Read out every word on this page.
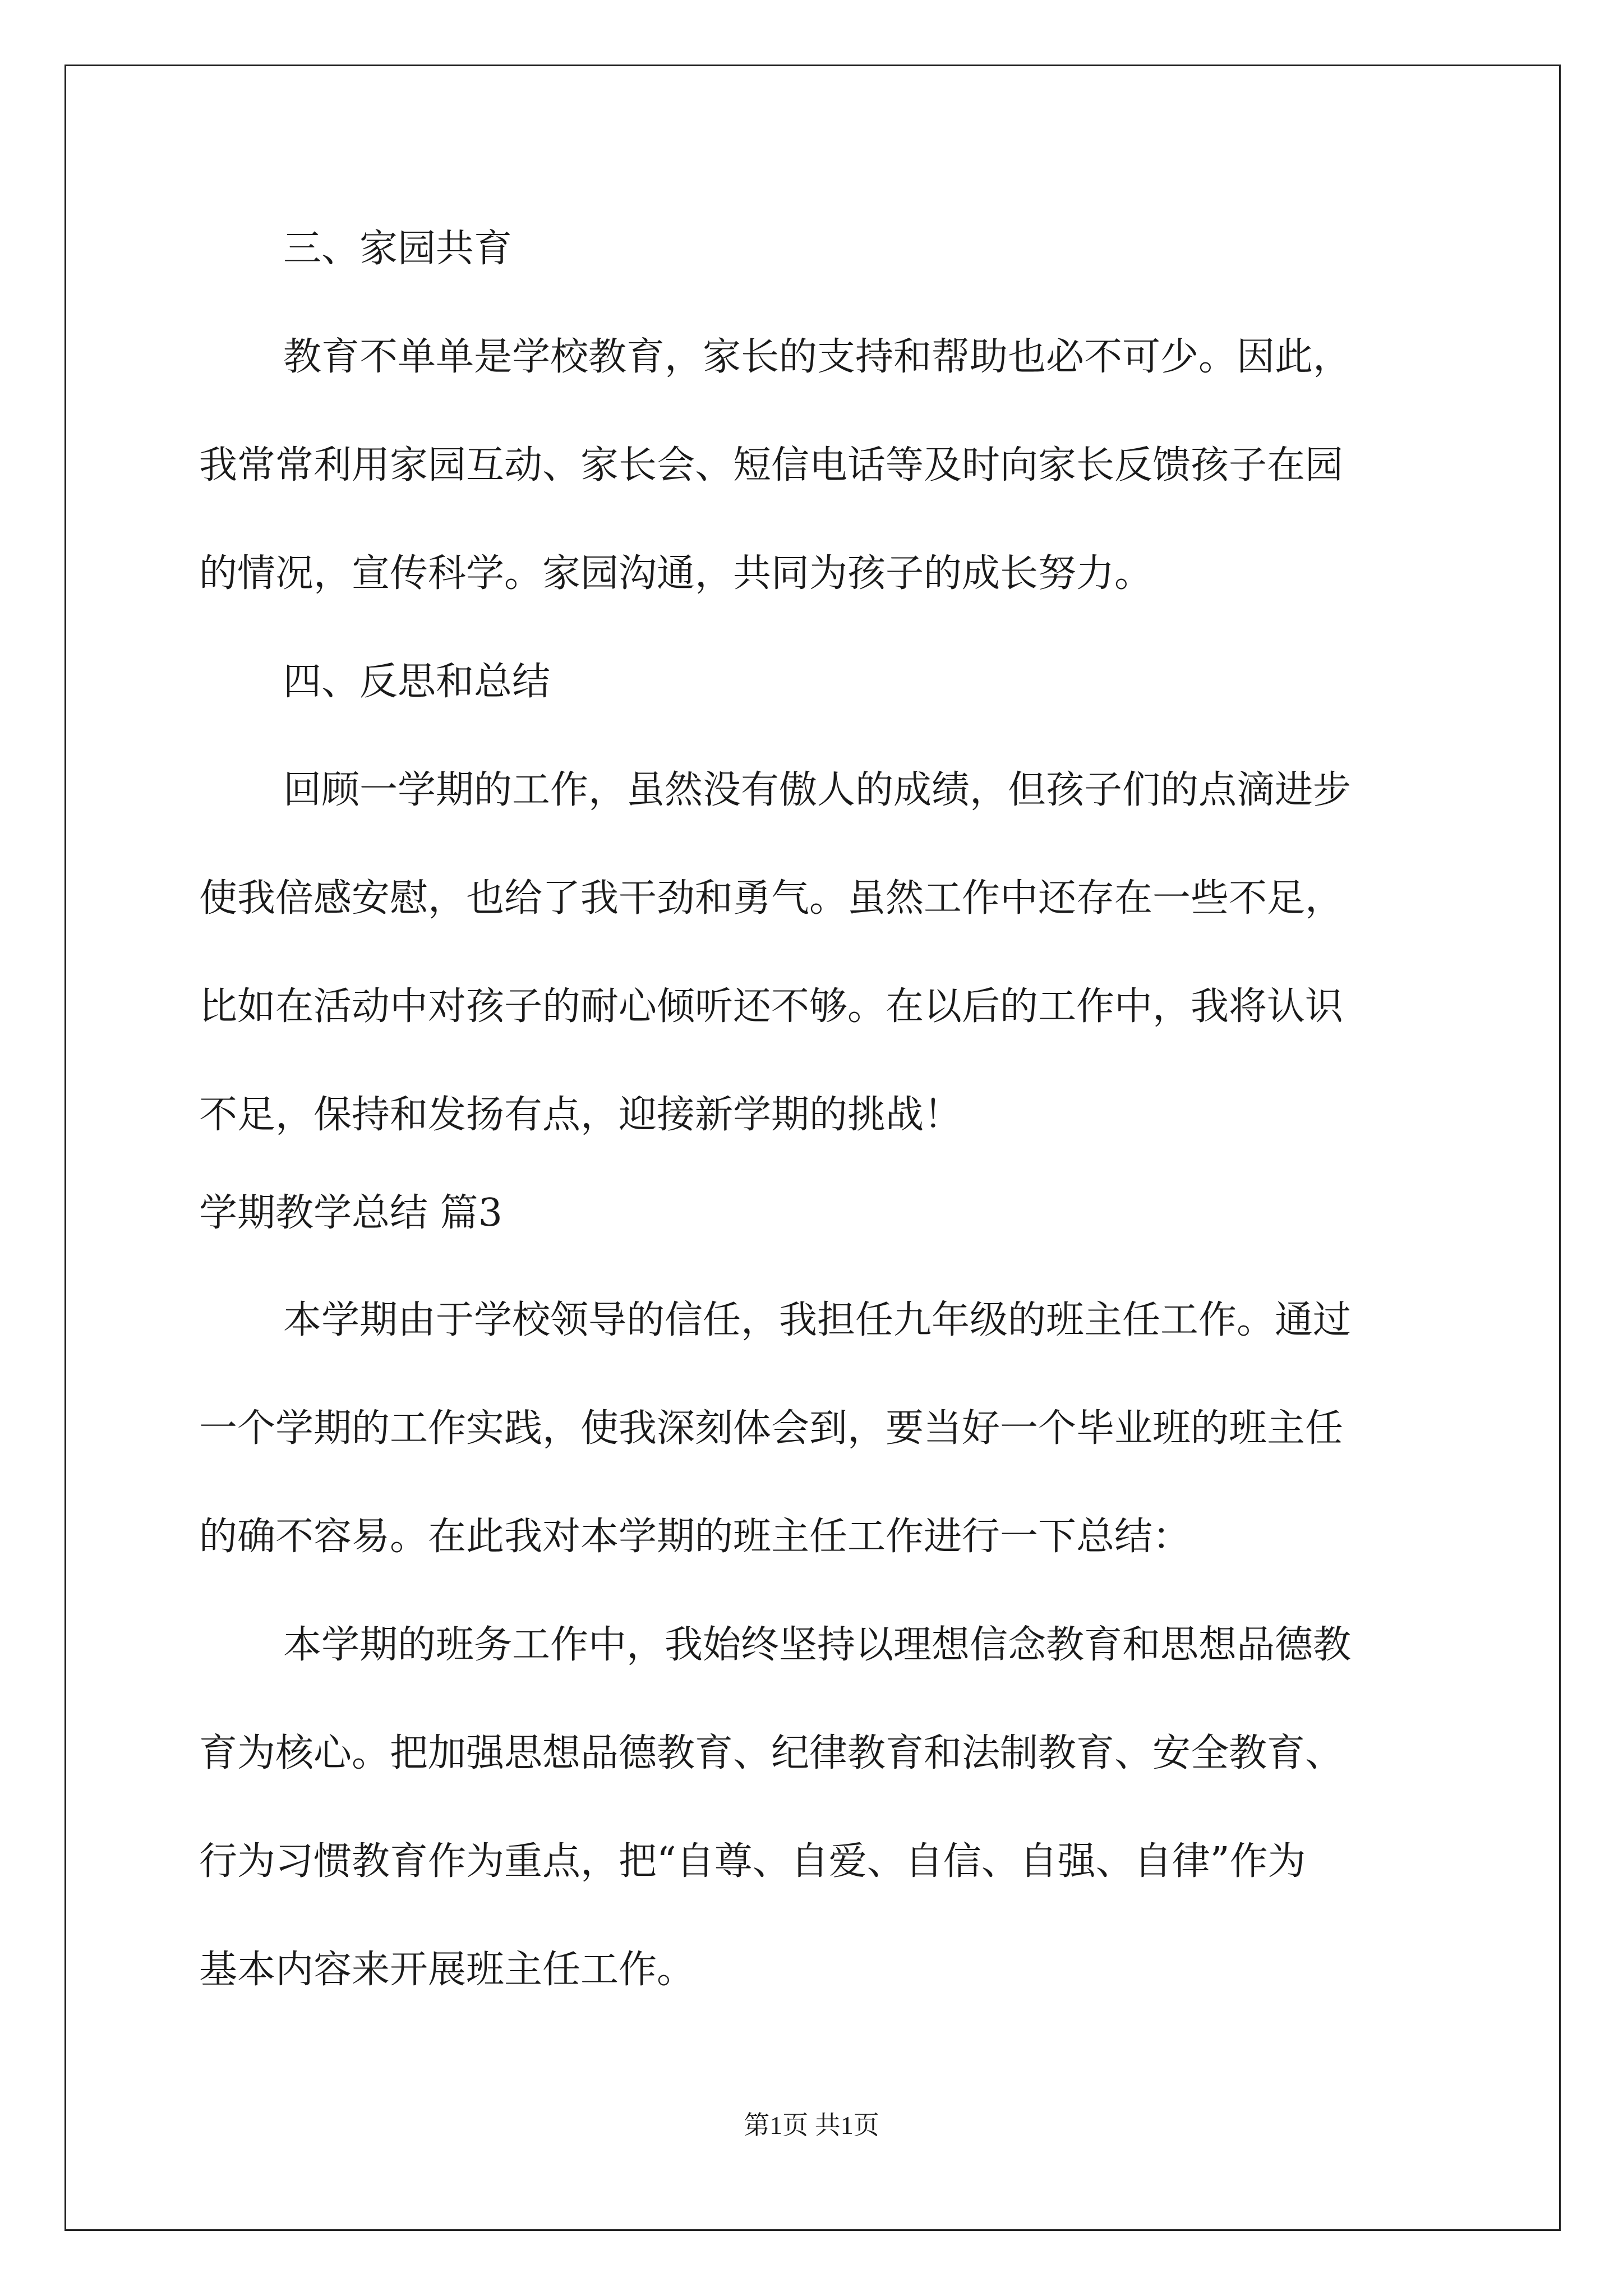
三、家园共育
教育不单单是学校教育，家长的支持和帮助也必不可少。因此，
我常常利用家园互动、家长会、短信电话等及时向家长反馈孩子在园
的情况，宣传科学。家园沟通，共同为孩子的成长努力。
四、反思和总结
回顾一学期的工作，虽然没有傲人的成绩，但孩子们的点滴进步
使我倍感安慰，也给了我干劲和勇气。虽然工作中还存在一些不足，
比如在活动中对孩子的耐心倾听还不够。在以后的工作中，我将认识
不足，保持和发扬有点，迎接新学期的挑战！
学期教学总结 篇3
本学期由于学校领导的信任，我担任九年级的班主任工作。通过
一个学期的工作实践，使我深刻体会到，要当好一个毕业班的班主任
的确不容易。在此我对本学期的班主任工作进行一下总结：
本学期的班务工作中，我始终坚持以理想信念教育和思想品德教
育为核心。把加强思想品德教育、纪律教育和法制教育、安全教育、
行为习惯教育作为重点，把“自尊、自爱、自信、自强、自律”作为
基本内容来开展班主任工作。
第1页 共1页
